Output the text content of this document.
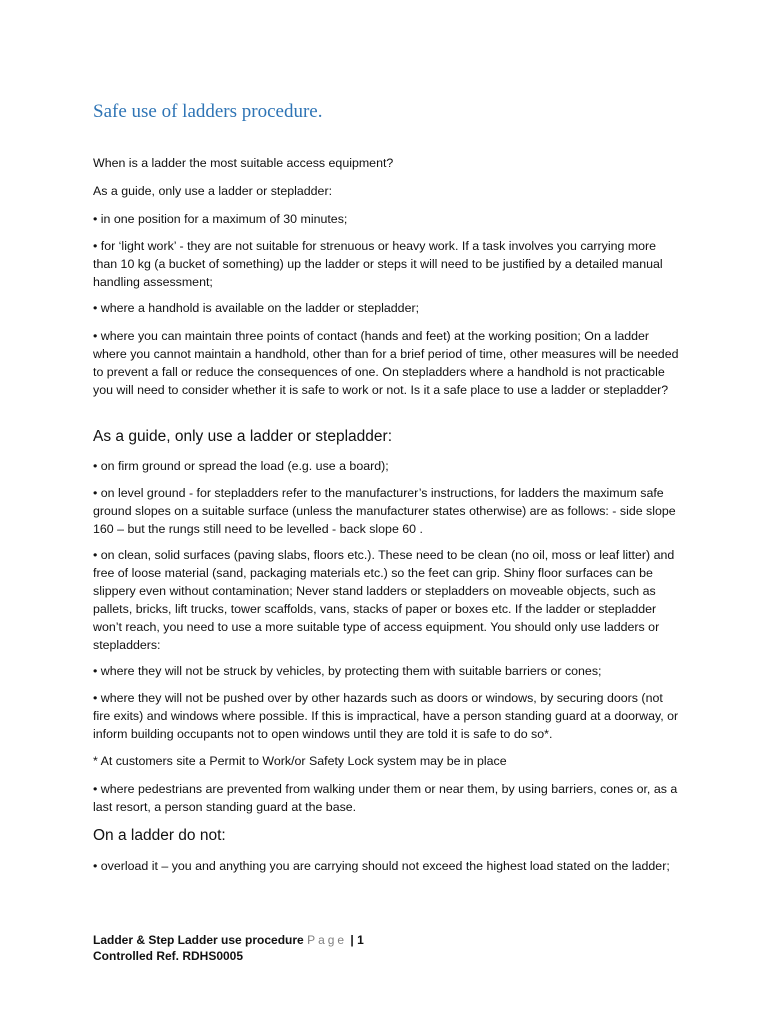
Safe use of ladders procedure.

When is a ladder the most suitable access equipment?

As a guide, only use a ladder or stepladder:

• in one position for a maximum of 30 minutes;

• for ‘light work’ - they are not suitable for strenuous or heavy work. If a task involves you carrying more than 10 kg (a bucket of something) up the ladder or steps it will need to be justified by a detailed manual handling assessment;

• where a handhold is available on the ladder or stepladder;

• where you can maintain three points of contact (hands and feet) at the working position; On a ladder where you cannot maintain a handhold, other than for a brief period of time, other measures will be needed to prevent a fall or reduce the consequences of one. On stepladders where a handhold is not practicable you will need to consider whether it is safe to work or not. Is it a safe place to use a ladder or stepladder?

As a guide, only use a ladder or stepladder:

• on firm ground or spread the load (e.g. use a board);

• on level ground - for stepladders refer to the manufacturer’s instructions, for ladders the maximum safe ground slopes on a suitable surface (unless the manufacturer states otherwise) are as follows: - side slope 160 – but the rungs still need to be levelled - back slope 60 .

• on clean, solid surfaces (paving slabs, floors etc.). These need to be clean (no oil, moss or leaf litter) and free of loose material (sand, packaging materials etc.) so the feet can grip. Shiny floor surfaces can be slippery even without contamination; Never stand ladders or stepladders on moveable objects, such as pallets, bricks, lift trucks, tower scaffolds, vans, stacks of paper or boxes etc. If the ladder or stepladder won’t reach, you need to use a more suitable type of access equipment. You should only use ladders or stepladders:

• where they will not be struck by vehicles, by protecting them with suitable barriers or cones;

• where they will not be pushed over by other hazards such as doors or windows, by securing doors (not fire exits) and windows where possible. If this is impractical, have a person standing guard at a doorway, or inform building occupants not to open windows until they are told it is safe to do so*.

* At customers site a Permit to Work/or Safety Lock system may be in place

• where pedestrians are prevented from walking under them or near them, by using barriers, cones or, as a last resort, a person standing guard at the base.

On a ladder do not:

• overload it – you and anything you are carrying should not exceed the highest load stated on the ladder;

Ladder & Step Ladder use procedure Page | 1
Controlled Ref. RDHS0005
